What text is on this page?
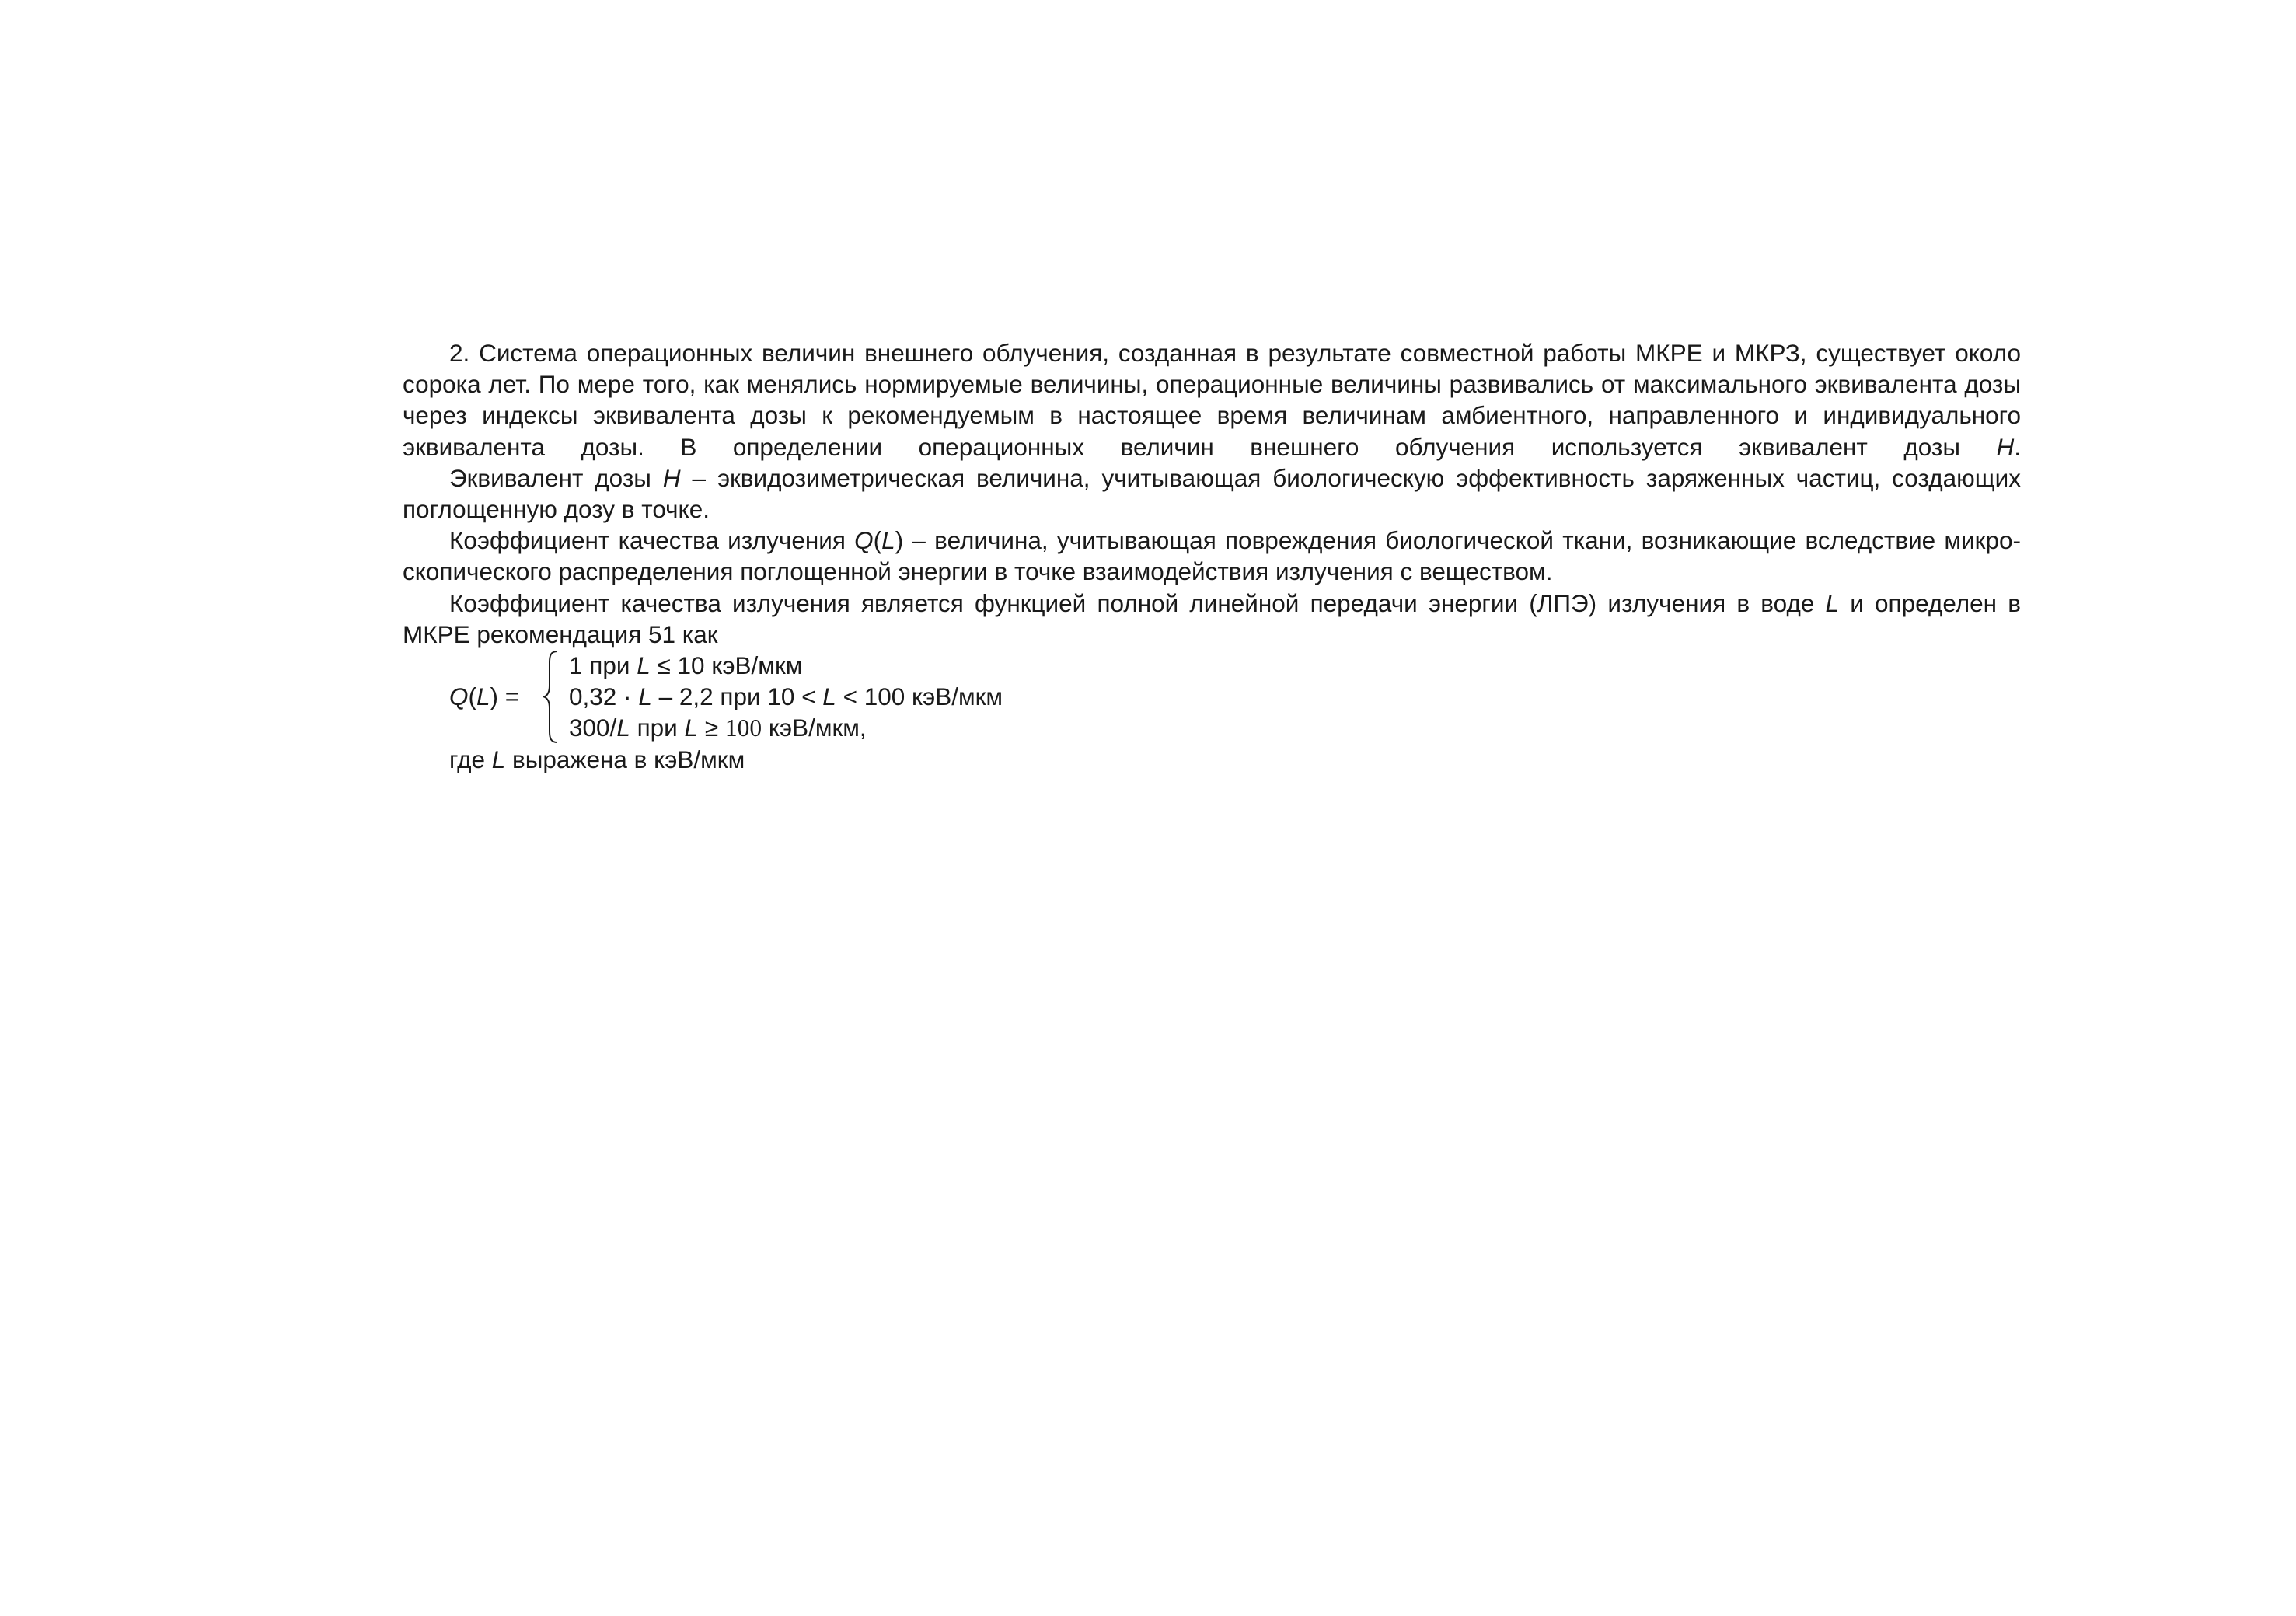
2. Система операционных величин внешнего облучения, созданная в результате совместной работы МКРЕ и МКРЗ, существует около сорока лет. По мере того, как менялись нормируемые величины, операционные величины развивались от максимального эквивалента дозы через индексы эквивалента дозы к рекомендуемым в настоящее время величинам амбиентного, направленного и индивидуального эквивалента дозы. В определении операционных величин внешнего облучения используется эквивалент дозы H.

Эквивалент дозы H – эквидозиметрическая величина, учитывающая биологическую эффективность заряженных частиц, создающих поглощенную дозу в точке.

Коэффициент качества излучения Q(L) – величина, учитывающая повреждения биологической ткани, возникающие вследствие микро-скопического распределения поглощенной энергии в точке взаимодействия излучения с веществом.

Коэффициент качества излучения является функцией полной линейной передачи энергии (ЛПЭ) излучения в воде L и определен в МКРЕ рекомендация 51 как

Q(L) =
1 при L ≤ 10 кэВ/мкм
0,32 · L – 2,2 при 10 < L < 100 кэВ/мкм
300/L при L ≥ 100 кэВ/мкм,
где L выражена в кэВ/мкм
